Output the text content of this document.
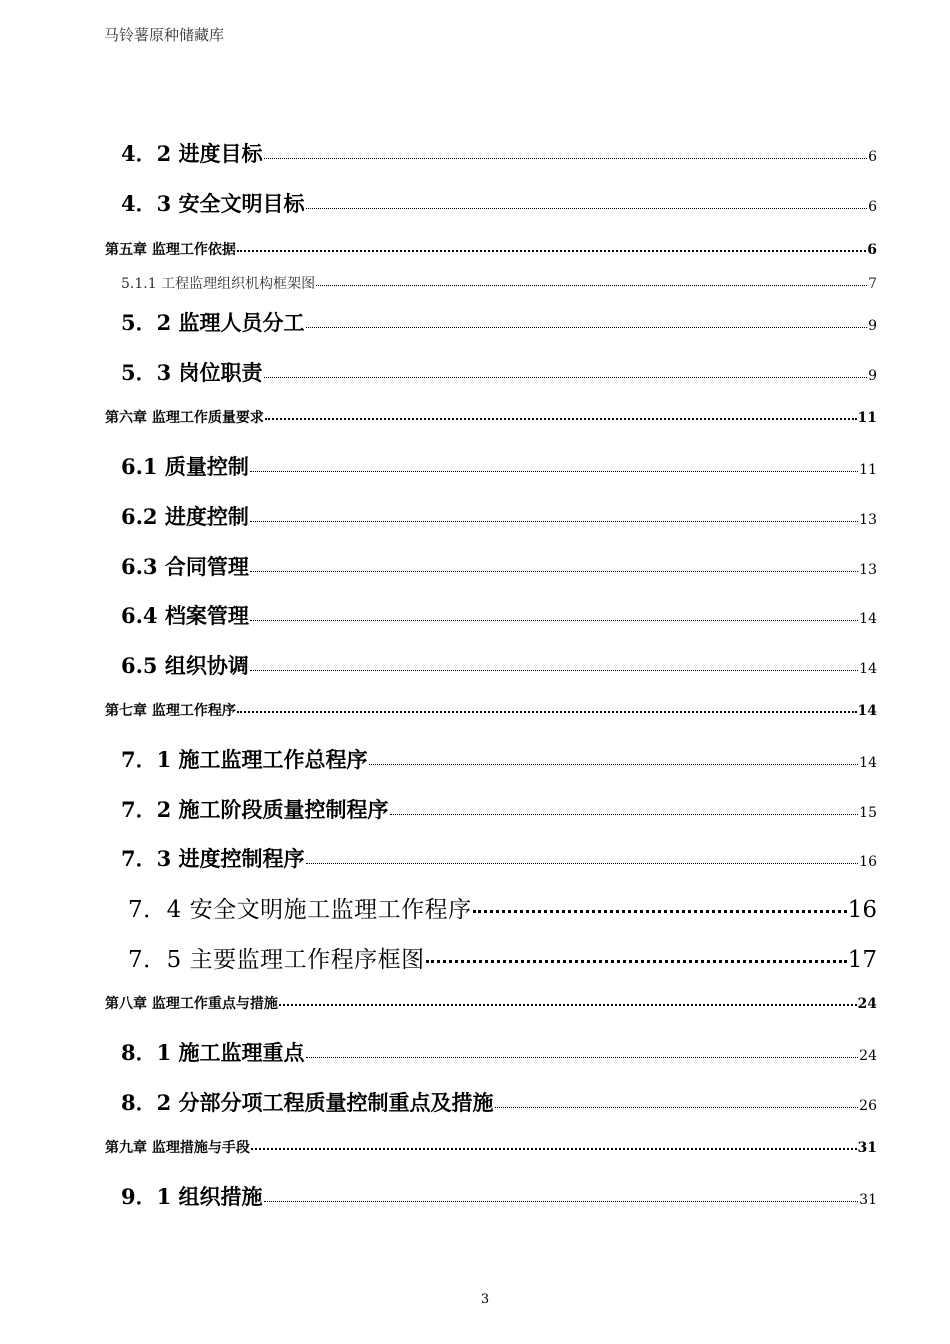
马铃薯原种储藏库
4．2 进度目标	6
4．3 安全文明目标	6
第五章 监理工作依据	6
5.1.1 工程监理组织机构框架图	7
5．2 监理人员分工	9
5．3 岗位职责	9
第六章 监理工作质量要求	11
6.1 质量控制	11
6.2 进度控制	13
6.3 合同管理	13
6.4 档案管理	14
6.5 组织协调	14
第七章 监理工作程序	14
7．1 施工监理工作总程序	14
7．2 施工阶段质量控制程序	15
7．3 进度控制程序	16
7．4 安全文明施工监理工作程序	16
7．5 主要监理工作程序框图	17
第八章 监理工作重点与措施	24
8．1 施工监理重点	24
8．2 分部分项工程质量控制重点及措施	26
第九章 监理措施与手段	31
9．1 组织措施	31
3
